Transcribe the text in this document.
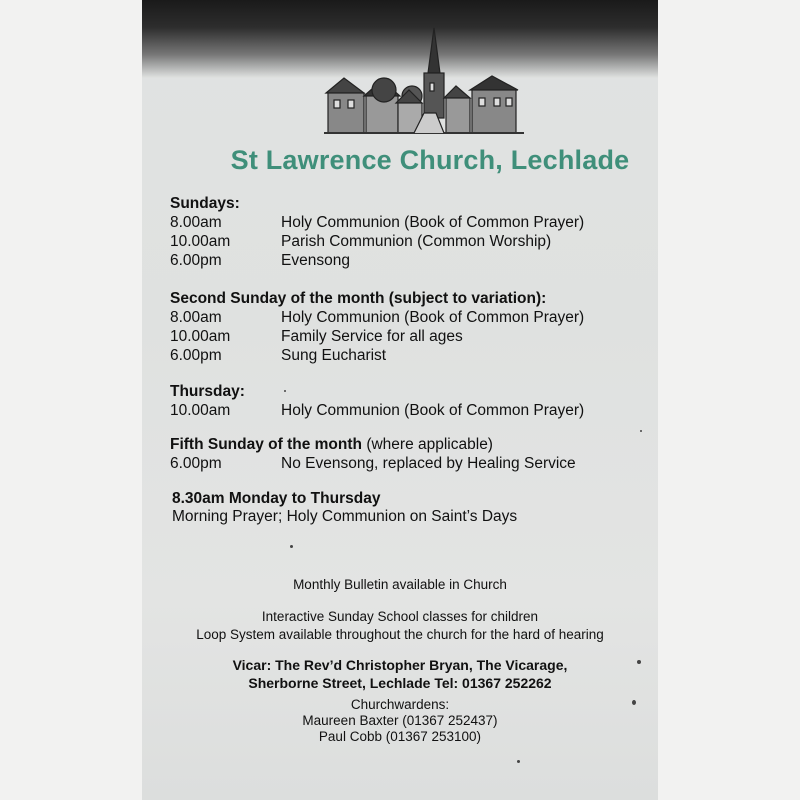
St Lawrence Church, Lechlade
Sundays:
8.00am	Holy Communion (Book of Common Prayer)
10.00am	Parish Communion (Common Worship)
6.00pm	Evensong
Second Sunday of the month (subject to variation):
8.00am	Holy Communion (Book of Common Prayer)
10.00am	Family Service for all ages
6.00pm	Sung Eucharist
Thursday:
10.00am	Holy Communion (Book of Common Prayer)
Fifth Sunday of the month (where applicable)
6.00pm	No Evensong, replaced by Healing Service
8.30am Monday to Thursday
Morning Prayer; Holy Communion on Saint’s Days
Monthly Bulletin available in Church
Interactive Sunday School classes for children
Loop System available throughout the church for the hard of hearing
Vicar: The Rev’d Christopher Bryan, The Vicarage,
Sherborne Street, Lechlade Tel: 01367 252262
Churchwardens:
Maureen Baxter (01367 252437)
Paul Cobb (01367 253100)
